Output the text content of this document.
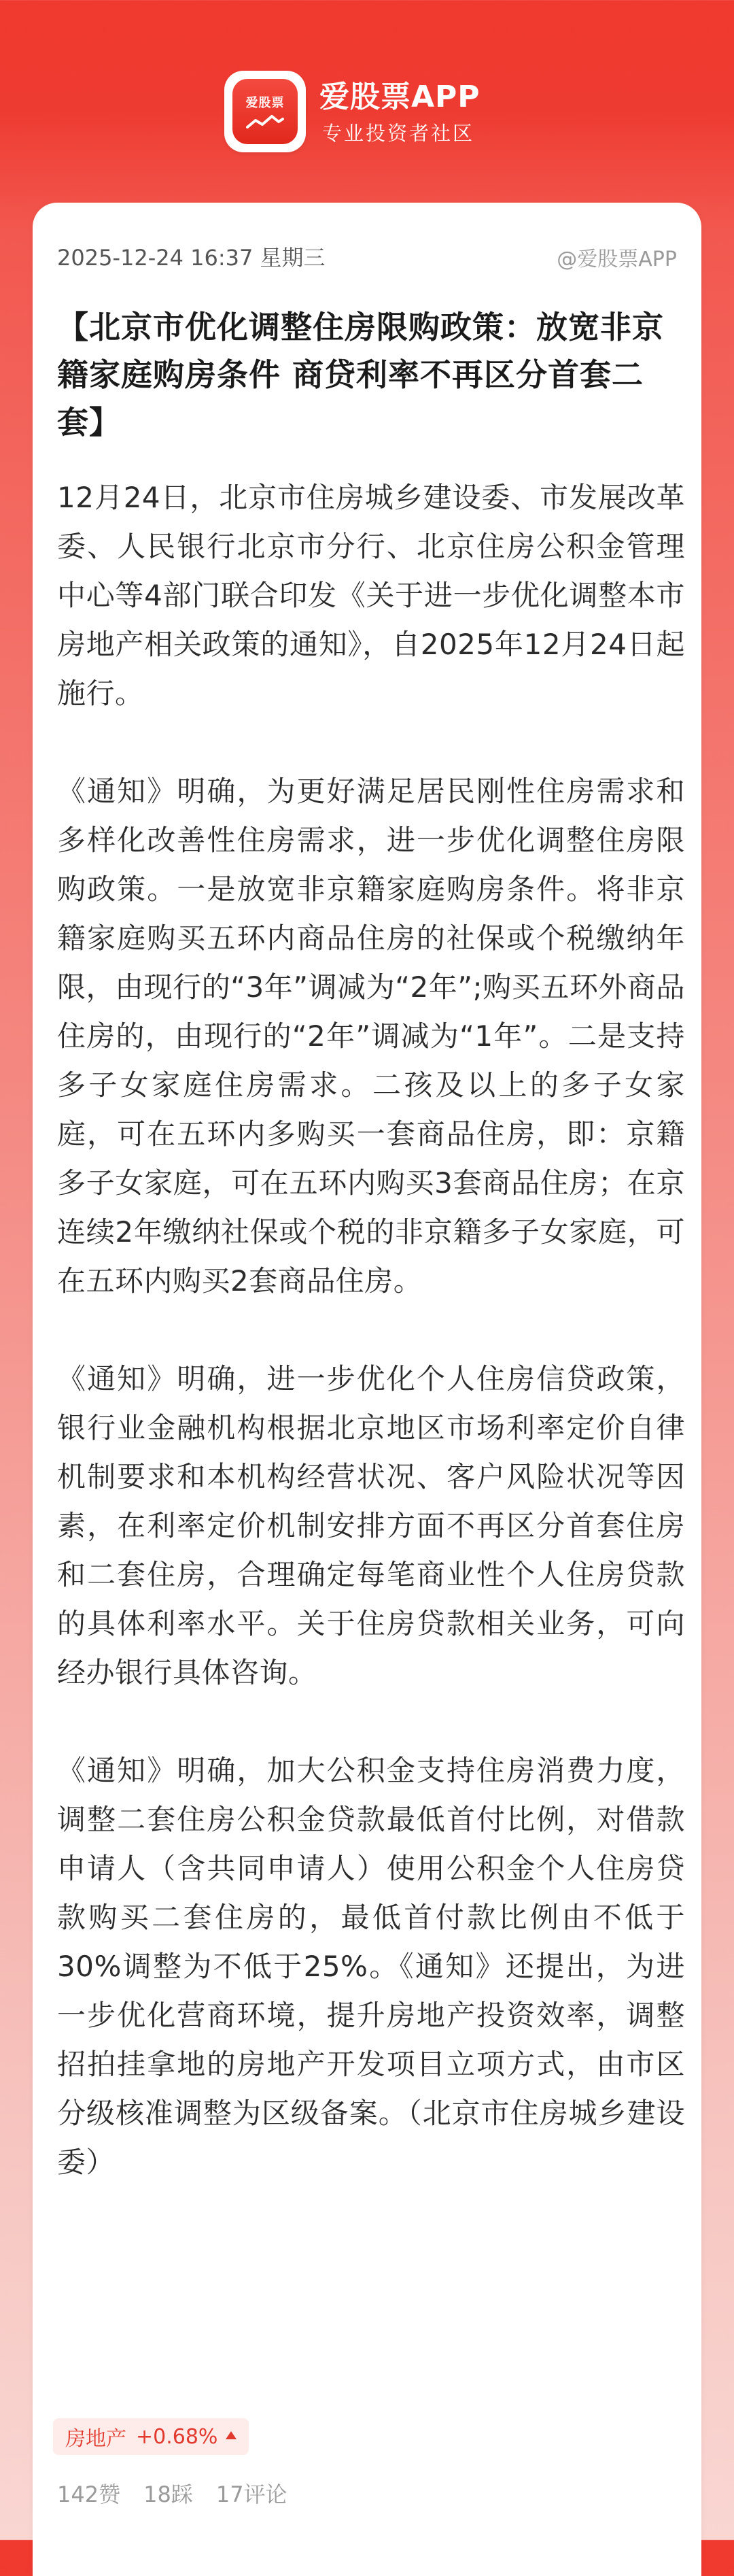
爱股票 爱股票APP
专业投资者社区
2025-12-24 16:37 星期三	@爱股票APP
【北京市优化调整住房限购政策：放宽非京籍家庭购房条件 商贷利率不再区分首套二套】

12月24日，北京市住房城乡建设委、市发展改革委、人民银行北京市分行、北京住房公积金管理中心等4部门联合印发《关于进一步优化调整本市房地产相关政策的通知》，自2025年12月24日起施行。

《通知》明确，为更好满足居民刚性住房需求和多样化改善性住房需求，进一步优化调整住房限购政策。一是放宽非京籍家庭购房条件。将非京籍家庭购买五环内商品住房的社保或个税缴纳年限，由现行的“3年”调减为“2年”;购买五环外商品住房的，由现行的“2年”调减为“1年”。二是支持多子女家庭住房需求。二孩及以上的多子女家庭，可在五环内多购买一套商品住房，即：京籍多子女家庭，可在五环内购买3套商品住房；在京连续2年缴纳社保或个税的非京籍多子女家庭，可在五环内购买2套商品住房。

《通知》明确，进一步优化个人住房信贷政策，银行业金融机构根据北京地区市场利率定价自律机制要求和本机构经营状况、客户风险状况等因素，在利率定价机制安排方面不再区分首套住房和二套住房，合理确定每笔商业性个人住房贷款的具体利率水平。关于住房贷款相关业务，可向经办银行具体咨询。

《通知》明确，加大公积金支持住房消费力度，调整二套住房公积金贷款最低首付比例，对借款申请人（含共同申请人）使用公积金个人住房贷款购买二套住房的，最低首付款比例由不低于30%调整为不低于25%。《通知》还提出，为进一步优化营商环境，提升房地产投资效率，调整招拍挂拿地的房地产开发项目立项方式，由市区分级核准调整为区级备案。（北京市住房城乡建设委）

房地产 +0.68%
142赞 18踩 17评论
